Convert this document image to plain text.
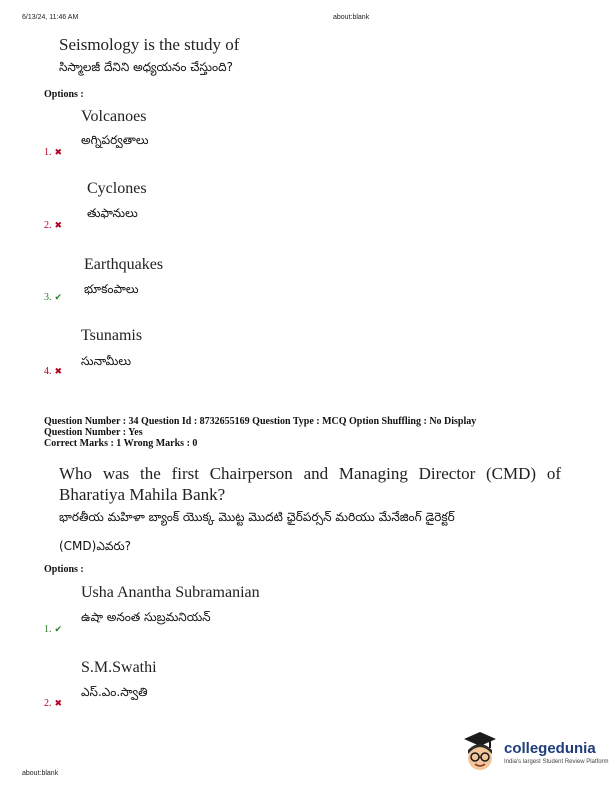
6/13/24, 11:46 AM	about:blank
Seismology is the study of
సిస్మాలజీ దేనిని అధ్యయనం చేస్తుంది?
Options :
Volcanoes
అగ్నిపర్వతాలు
1. ✖
Cyclones
తుఫానులు
2. ✖
Earthquakes
భూకంపాలు
3. ✔
Tsunamis
సునామీలు
4. ✖
Question Number : 34 Question Id : 8732655169 Question Type : MCQ Option Shuffling : No Display
Question Number : Yes
Correct Marks : 1 Wrong Marks : 0
Who was the first Chairperson and Managing Director (CMD) of
Bharatiya Mahila Bank?
భారతీయ మహిళా బ్యాంక్ యొక్క మొట్ట మొదటి ఛైర్‌పర్సన్ మరియు మేనేజింగ్ డైరెక్టర్
(CMD)ఎవరు?
Options :
Usha Anantha Subramanian
ఉషా అనంత సుబ్రమనియన్
1. ✔
S.M.Swathi
ఎస్.ఎం.స్వాతి
2. ✖
about:blank
collegedunia
India's largest Student Review Platform
